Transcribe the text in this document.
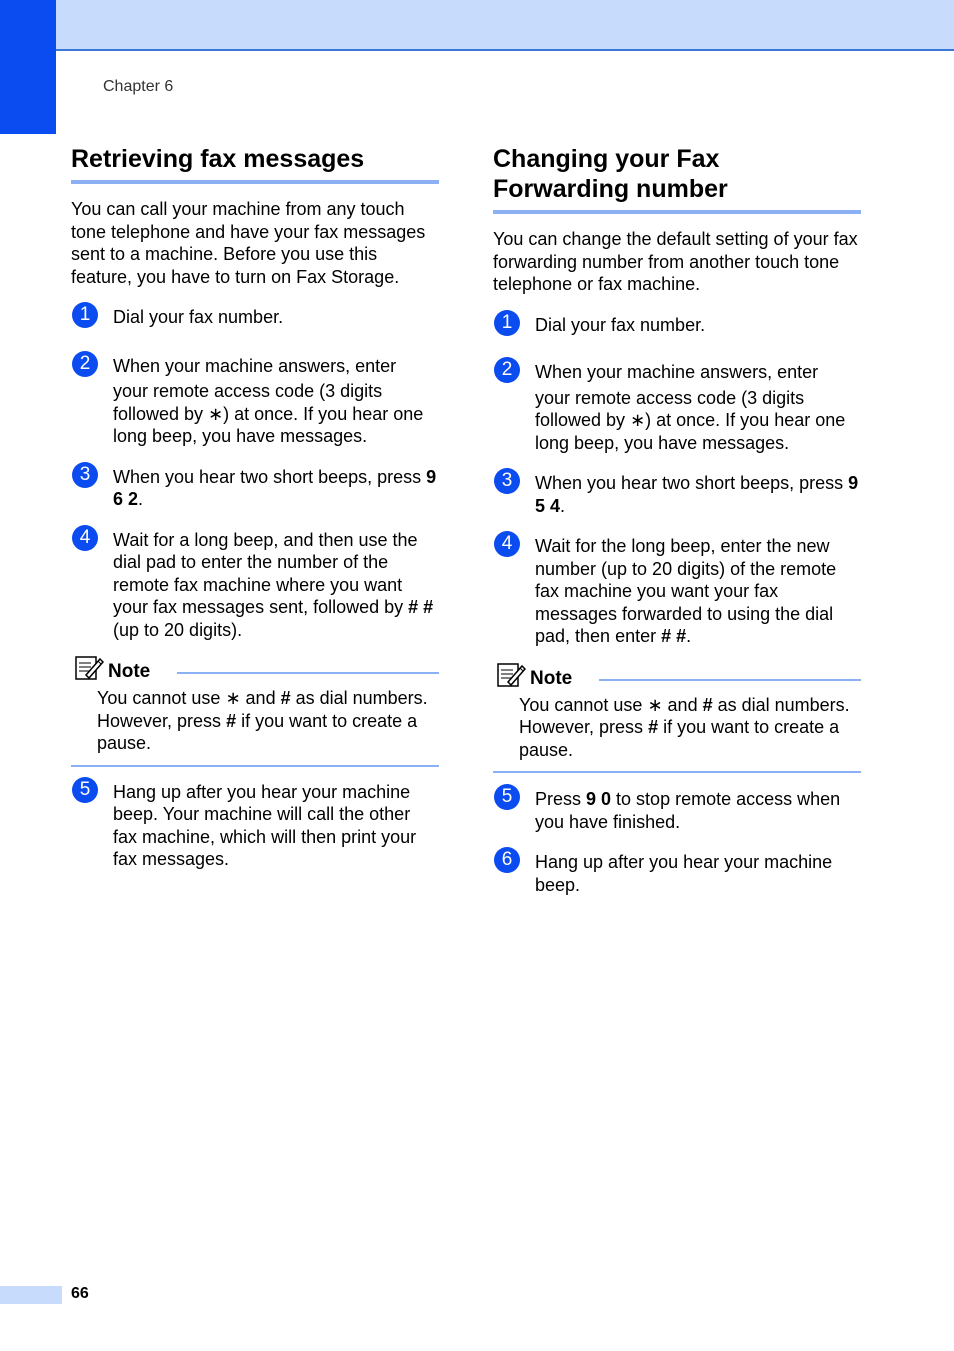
Chapter 6
Retrieving fax messages

You can call your machine from any touch tone telephone and have your fax messages sent to a machine. Before you use this feature, you have to turn on Fax Storage.

1	Dial your fax number.
2	When your machine answers, enter
your remote access code (3 digits followed by ∗) at once. If you hear one long beep, you have messages.
3	When you hear two short beeps, press 9 6 2.
4	Wait for a long beep, and then use the dial pad to enter the number of the remote fax machine where you want your fax messages sent, followed by # # (up to 20 digits).
Note
You cannot use ∗ and # as dial numbers. However, press # if you want to create a pause.
5	Hang up after you hear your machine beep. Your machine will call the other fax machine, which will then print your fax messages.
Changing your Fax
Forwarding number

You can change the default setting of your fax forwarding number from another touch tone telephone or fax machine.

1	Dial your fax number.
2	When your machine answers, enter
your remote access code (3 digits followed by ∗) at once. If you hear one long beep, you have messages.
3	When you hear two short beeps, press 9 5 4.
4	Wait for the long beep, enter the new number (up to 20 digits) of the remote fax machine you want your fax messages forwarded to using the dial pad, then enter # #.
Note
You cannot use ∗ and # as dial numbers. However, press # if you want to create a pause.
5	Press 9 0 to stop remote access when you have finished.
6	Hang up after you hear your machine beep.
66
